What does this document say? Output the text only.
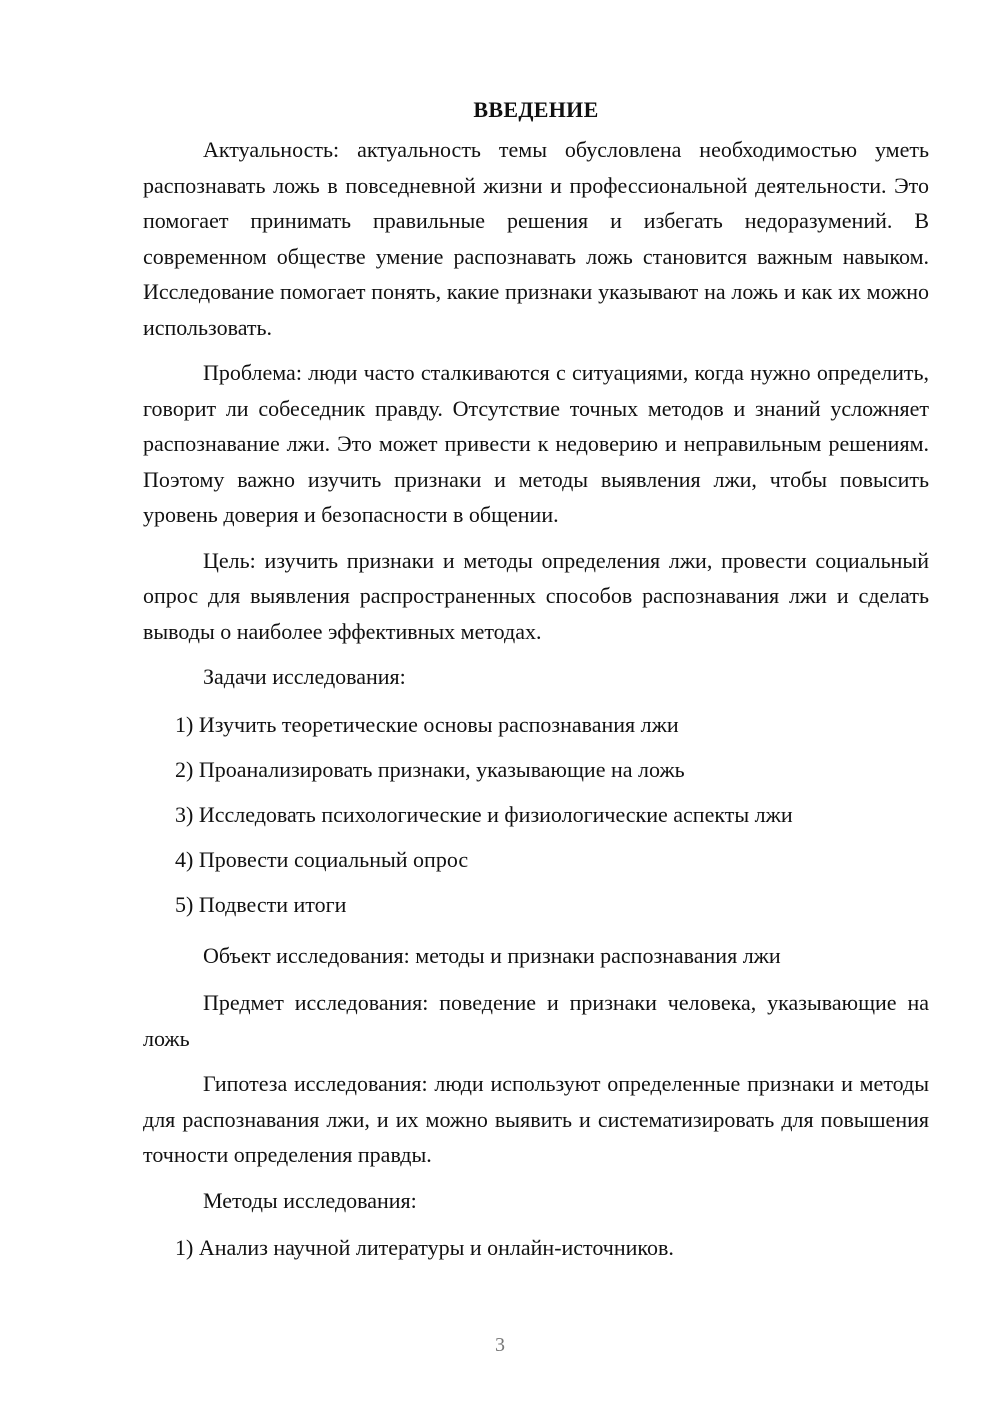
ВВЕДЕНИЕ

Актуальность: актуальность темы обусловлена необходимостью уметь распознавать ложь в повседневной жизни и профессиональной деятельности. Это помогает принимать правильные решения и избегать недоразумений. В современном обществе умение распознавать ложь становится важным навыком. Исследование помогает понять, какие признаки указывают на ложь и как их можно использовать.

Проблема: люди часто сталкиваются с ситуациями, когда нужно определить, говорит ли собеседник правду. Отсутствие точных методов и знаний усложняет распознавание лжи. Это может привести к недоверию и неправильным решениям. Поэтому важно изучить признаки и методы выявления лжи, чтобы повысить уровень доверия и безопасности в общении.

Цель: изучить признаки и методы определения лжи, провести социальный опрос для выявления распространенных способов распознавания лжи и сделать выводы о наиболее эффективных методах.

Задачи исследования:

1) Изучить теоретические основы распознавания лжи
2) Проанализировать признаки, указывающие на ложь
3) Исследовать психологические и физиологические аспекты лжи
4) Провести социальный опрос
5) Подвести итоги

Объект исследования: методы и признаки распознавания лжи

Предмет исследования: поведение и признаки человека, указывающие на ложь

Гипотеза исследования: люди используют определенные признаки и методы для распознавания лжи, и их можно выявить и систематизировать для повышения точности определения правды.

Методы исследования:

1) Анализ научной литературы и онлайн-источников.
3
